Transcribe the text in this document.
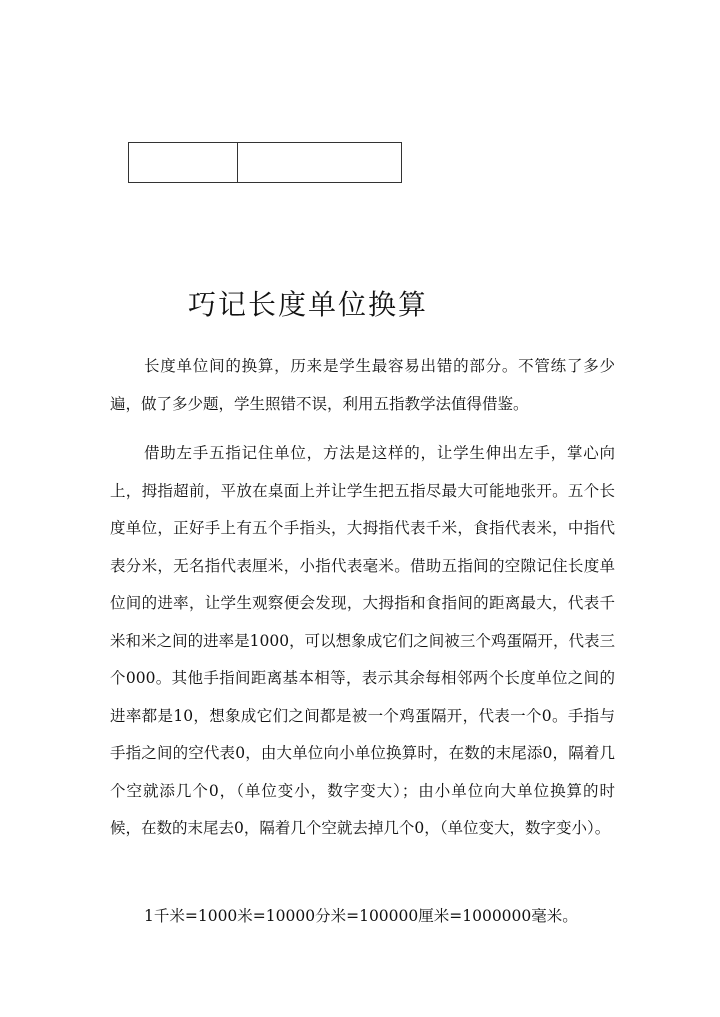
巧记长度单位换算

长度单位间的换算，历来是学生最容易出错的部分。不管练了多少遍，做了多少题，学生照错不误，利用五指教学法值得借鉴。

借助左手五指记住单位，方法是这样的，让学生伸出左手，掌心向上，拇指超前，平放在桌面上并让学生把五指尽最大可能地张开。五个长度单位，正好手上有五个手指头，大拇指代表千米，食指代表米，中指代表分米，无名指代表厘米，小指代表毫米。借助五指间的空隙记住长度单位间的进率，让学生观察便会发现，大拇指和食指间的距离最大，代表千米和米之间的进率是1000，可以想象成它们之间被三个鸡蛋隔开，代表三个000。其他手指间距离基本相等，表示其余每相邻两个长度单位之间的进率都是10，想象成它们之间都是被一个鸡蛋隔开，代表一个0。手指与手指之间的空代表0，由大单位向小单位换算时，在数的末尾添0，隔着几个空就添几个0，（单位变小，数字变大）；由小单位向大单位换算的时候，在数的末尾去0，隔着几个空就去掉几个0，（单位变大，数字变小）。

1千米=1000米=10000分米=100000厘米=1000000毫米。
